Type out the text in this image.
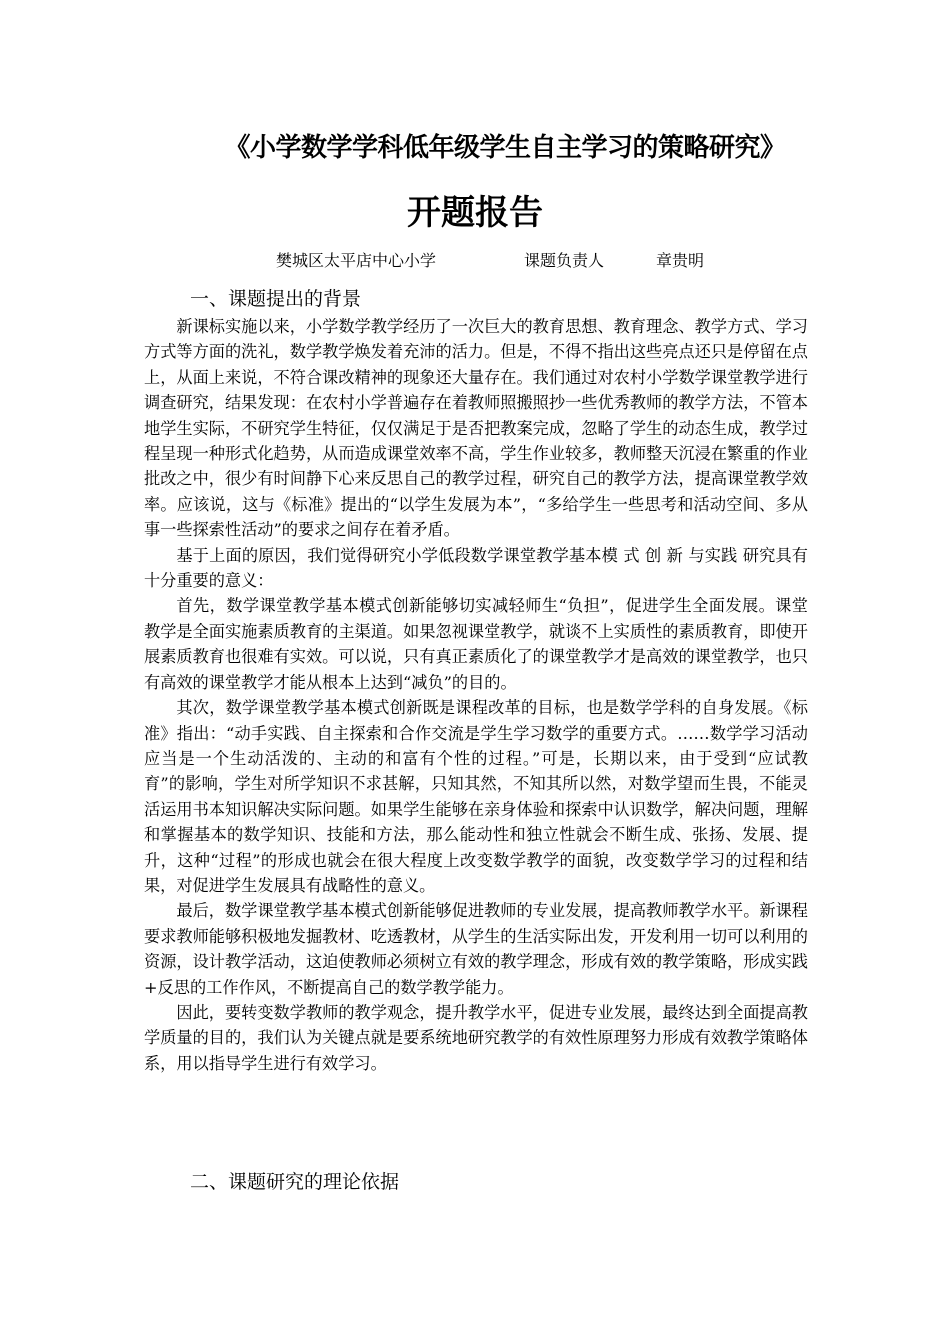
《小学数学学科低年级学生自主学习的策略研究》
开题报告
樊城区太平店中心小学	课题负责人	章贵明
一、课题提出的背景

新课标实施以来，小学数学教学经历了一次巨大的教育思想、教育理念、教学方式、学习方式等方面的洗礼，数学教学焕发着充沛的活力。但是，不得不指出这些亮点还只是停留在点上，从面上来说，不符合课改精神的现象还大量存在。我们通过对农村小学数学课堂教学进行调查研究，结果发现：在农村小学普遍存在着教师照搬照抄一些优秀教师的教学方法，不管本地学生实际，不研究学生特征，仅仅满足于是否把教案完成，忽略了学生的动态生成，教学过程呈现一种形式化趋势，从而造成课堂效率不高，学生作业较多，教师整天沉浸在繁重的作业批改之中，很少有时间静下心来反思自己的教学过程，研究自己的教学方法，提高课堂教学效率。应该说，这与《标准》提出的“以学生发展为本”，“多给学生一些思考和活动空间、多从事一些探索性活动”的要求之间存在着矛盾。

基于上面的原因，我们觉得研究小学低段数学课堂教学基本模 式 创 新 与实践 研究具有十分重要的意义：

首先，数学课堂教学基本模式创新能够切实减轻师生“负担”，促进学生全面发展。课堂教学是全面实施素质教育的主渠道。如果忽视课堂教学，就谈不上实质性的素质教育，即使开展素质教育也很难有实效。可以说，只有真正素质化了的课堂教学才是高效的课堂教学，也只有高效的课堂教学才能从根本上达到“减负”的目的。

其次，数学课堂教学基本模式创新既是课程改革的目标，也是数学学科的自身发展。《标准》指出：“动手实践、自主探索和合作交流是学生学习数学的重要方式。……数学学习活动应当是一个生动活泼的、主动的和富有个性的过程。”可是，长期以来，由于受到“应试教育”的影响，学生对所学知识不求甚解，只知其然，不知其所以然，对数学望而生畏，不能灵活运用书本知识解决实际问题。如果学生能够在亲身体验和探索中认识数学，解决问题，理解和掌握基本的数学知识、技能和方法，那么能动性和独立性就会不断生成、张扬、发展、提升，这种“过程”的形成也就会在很大程度上改变数学教学的面貌，改变数学学习的过程和结果，对促进学生发展具有战略性的意义。

最后，数学课堂教学基本模式创新能够促进教师的专业发展，提高教师教学水平。新课程要求教师能够积极地发掘教材、吃透教材，从学生的生活实际出发，开发利用一切可以利用的资源，设计教学活动，这迫使教师必须树立有效的教学理念，形成有效的教学策略，形成实践+反思的工作作风，不断提高自己的数学教学能力。

因此，要转变数学教师的教学观念，提升教学水平，促进专业发展，最终达到全面提高教学质量的目的，我们认为关键点就是要系统地研究教学的有效性原理努力形成有效教学策略体系，用以指导学生进行有效学习。

二、课题研究的理论依据
